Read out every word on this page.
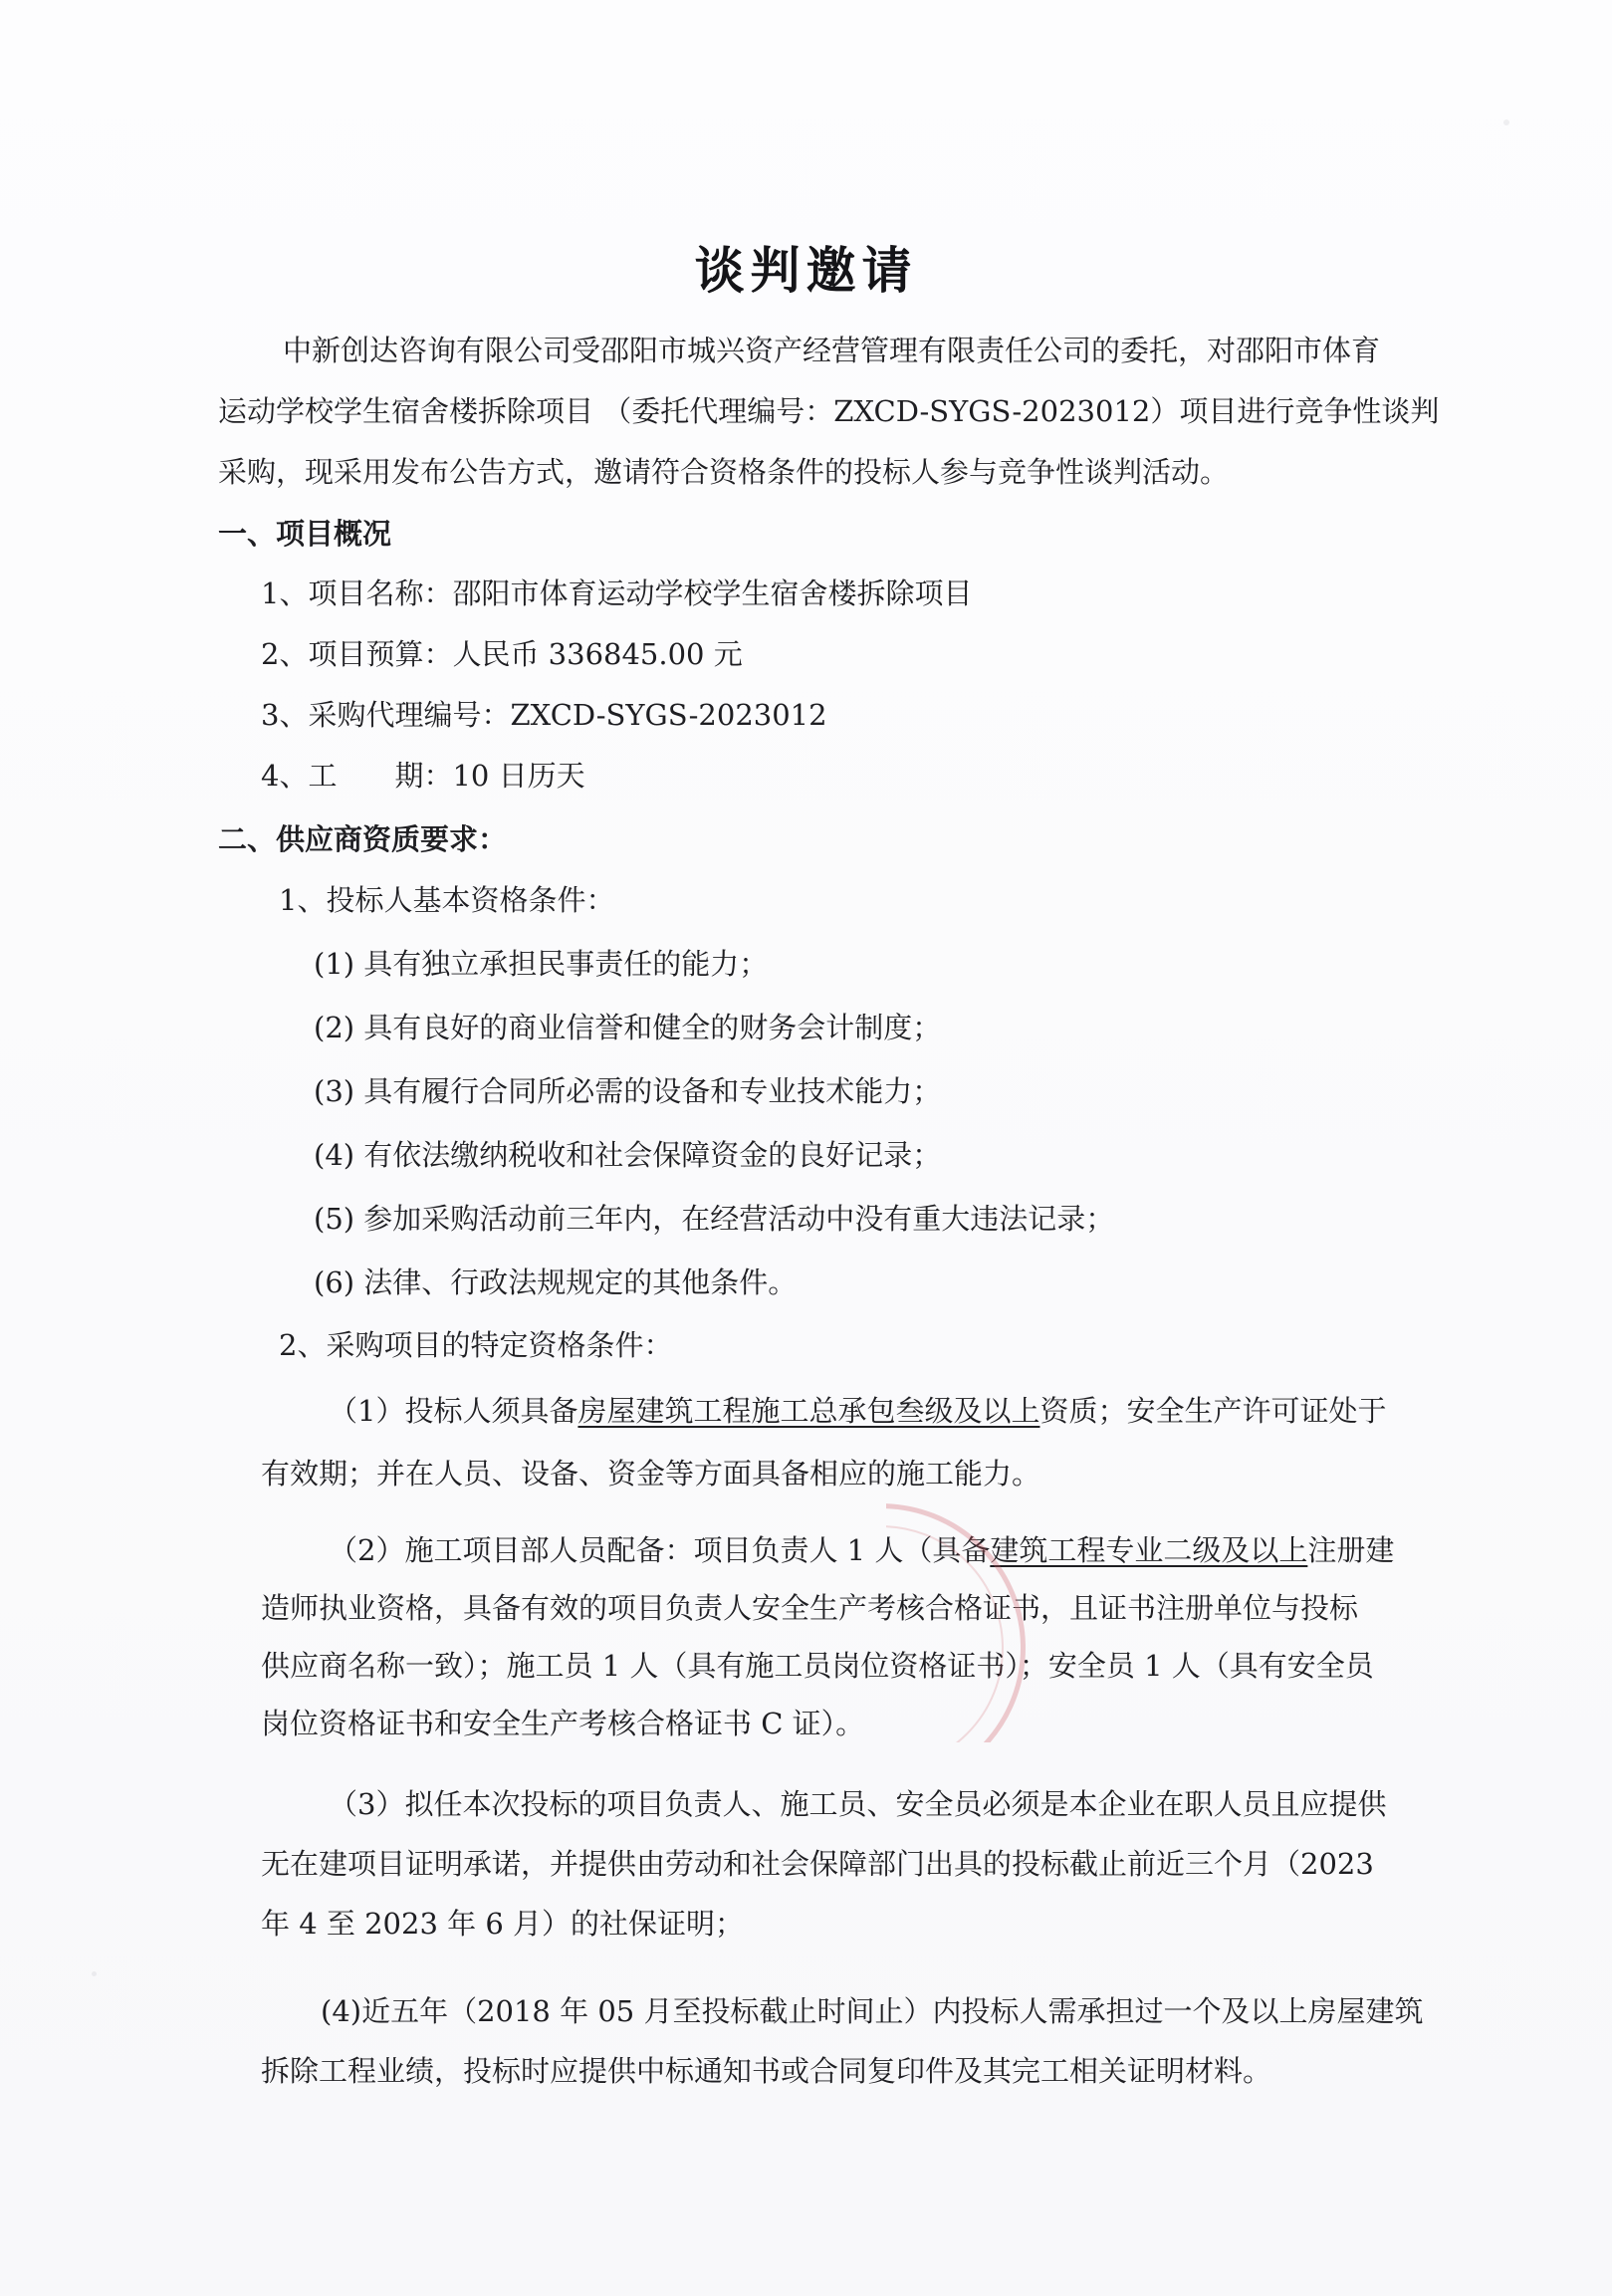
谈判邀请
中新创达咨询有限公司受邵阳市城兴资产经营管理有限责任公司的委托，对邵阳市体育
运动学校学生宿舍楼拆除项目 （委托代理编号：ZXCD-SYGS-2023012）项目进行竞争性谈判
采购，现采用发布公告方式，邀请符合资格条件的投标人参与竞争性谈判活动。
一、项目概况
1、项目名称：邵阳市体育运动学校学生宿舍楼拆除项目
2、项目预算：人民币 336845.00 元
3、采购代理编号：ZXCD-SYGS-2023012
4、工　　期：10 日历天
二、供应商资质要求：
1、投标人基本资格条件：
(1) 具有独立承担民事责任的能力；
(2) 具有良好的商业信誉和健全的财务会计制度；
(3) 具有履行合同所必需的设备和专业技术能力；
(4) 有依法缴纳税收和社会保障资金的良好记录；
(5) 参加采购活动前三年内，在经营活动中没有重大违法记录；
(6) 法律、行政法规规定的其他条件。
2、采购项目的特定资格条件：
（1）投标人须具备房屋建筑工程施工总承包叁级及以上资质；安全生产许可证处于
有效期；并在人员、设备、资金等方面具备相应的施工能力。
（2）施工项目部人员配备：项目负责人 1 人（具备建筑工程专业二级及以上注册建
造师执业资格，具备有效的项目负责人安全生产考核合格证书，且证书注册单位与投标
供应商名称一致）；施工员 1 人（具有施工员岗位资格证书）；安全员 1 人（具有安全员
岗位资格证书和安全生产考核合格证书 C 证）。
（3）拟任本次投标的项目负责人、施工员、安全员必须是本企业在职人员且应提供
无在建项目证明承诺，并提供由劳动和社会保障部门出具的投标截止前近三个月（2023
年 4 至 2023 年 6 月）的社保证明；
(4)近五年（2018 年 05 月至投标截止时间止）内投标人需承担过一个及以上房屋建筑
拆除工程业绩，投标时应提供中标通知书或合同复印件及其完工相关证明材料。
